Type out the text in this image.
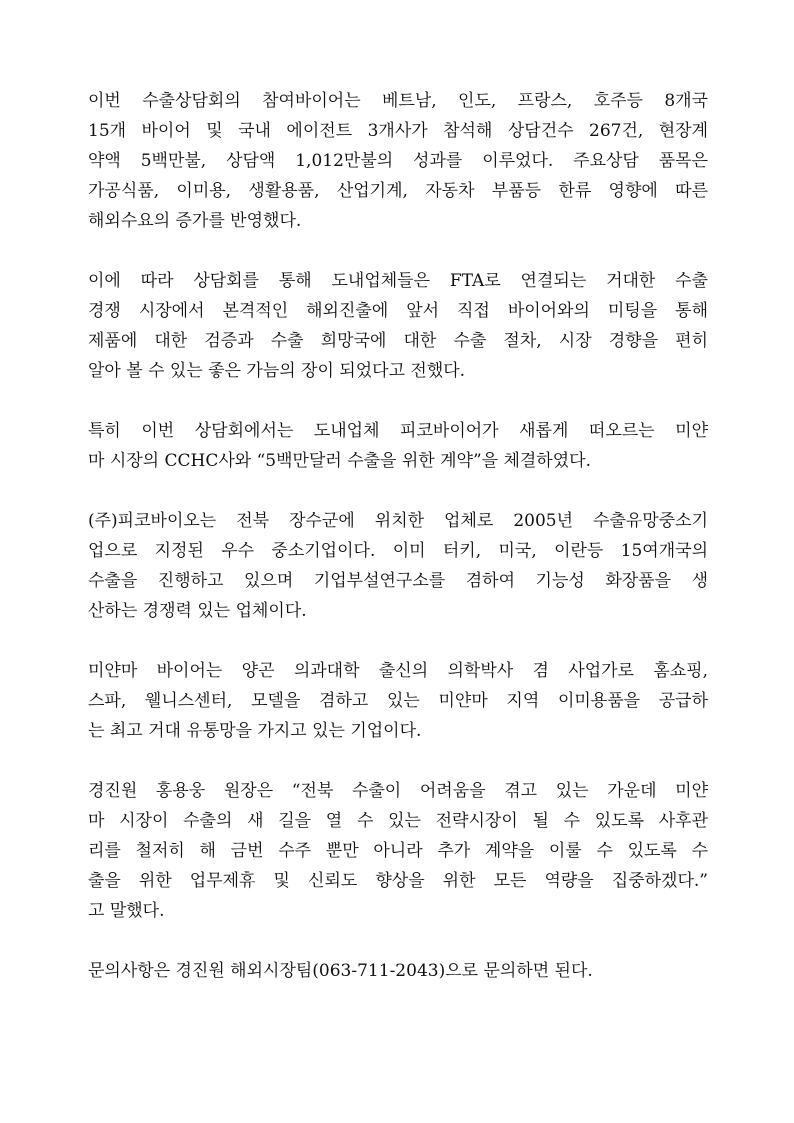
이번 수출상담회의 참여바이어는 베트남, 인도, 프랑스, 호주등 8개국
15개 바이어 및 국내 에이전트 3개사가 참석해 상담건수 267건, 현장계
약액 5백만불, 상담액 1,012만불의 성과를 이루었다. 주요상담 품목은
가공식품, 이미용, 생활용품, 산업기계, 자동차 부품등 한류 영향에 따른
해외수요의 증가를 반영했다.
이에 따라 상담회를 통해 도내업체들은 FTA로 연결되는 거대한 수출
경쟁 시장에서 본격적인 해외진출에 앞서 직접 바이어와의 미팅을 통해
제품에 대한 검증과 수출 희망국에 대한 수출 절차, 시장 경향을 편히
알아 볼 수 있는 좋은 가늠의 장이 되었다고 전했다.
특히 이번 상담회에서는 도내업체 피코바이어가 새롭게 떠오르는 미얀
마 시장의 CCHC사와 “5백만달러 수출을 위한 계약”을 체결하였다.
(주)피코바이오는 전북 장수군에 위치한 업체로 2005년 수출유망중소기
업으로 지정된 우수 중소기업이다. 이미 터키, 미국, 이란등 15여개국의
수출을 진행하고 있으며 기업부설연구소를 겸하여 기능성 화장품을 생
산하는 경쟁력 있는 업체이다.
미얀마 바이어는 양곤 의과대학 출신의 의학박사 겸 사업가로 홈쇼핑,
스파, 웰니스센터, 모델을 겸하고 있는 미얀마 지역 이미용품을 공급하
는 최고 거대 유통망을 가지고 있는 기업이다.
경진원 홍용웅 원장은 “전북 수출이 어려움을 겪고 있는 가운데 미얀
마 시장이 수출의 새 길을 열 수 있는 전략시장이 될 수 있도록 사후관
리를 철저히 해 금번 수주 뿐만 아니라 추가 계약을 이룰 수 있도록 수
출을 위한 업무제휴 및 신뢰도 향상을 위한 모든 역량을 집중하겠다.”
고 말했다.
문의사항은 경진원 해외시장팀(063-711-2043)으로 문의하면 된다.
